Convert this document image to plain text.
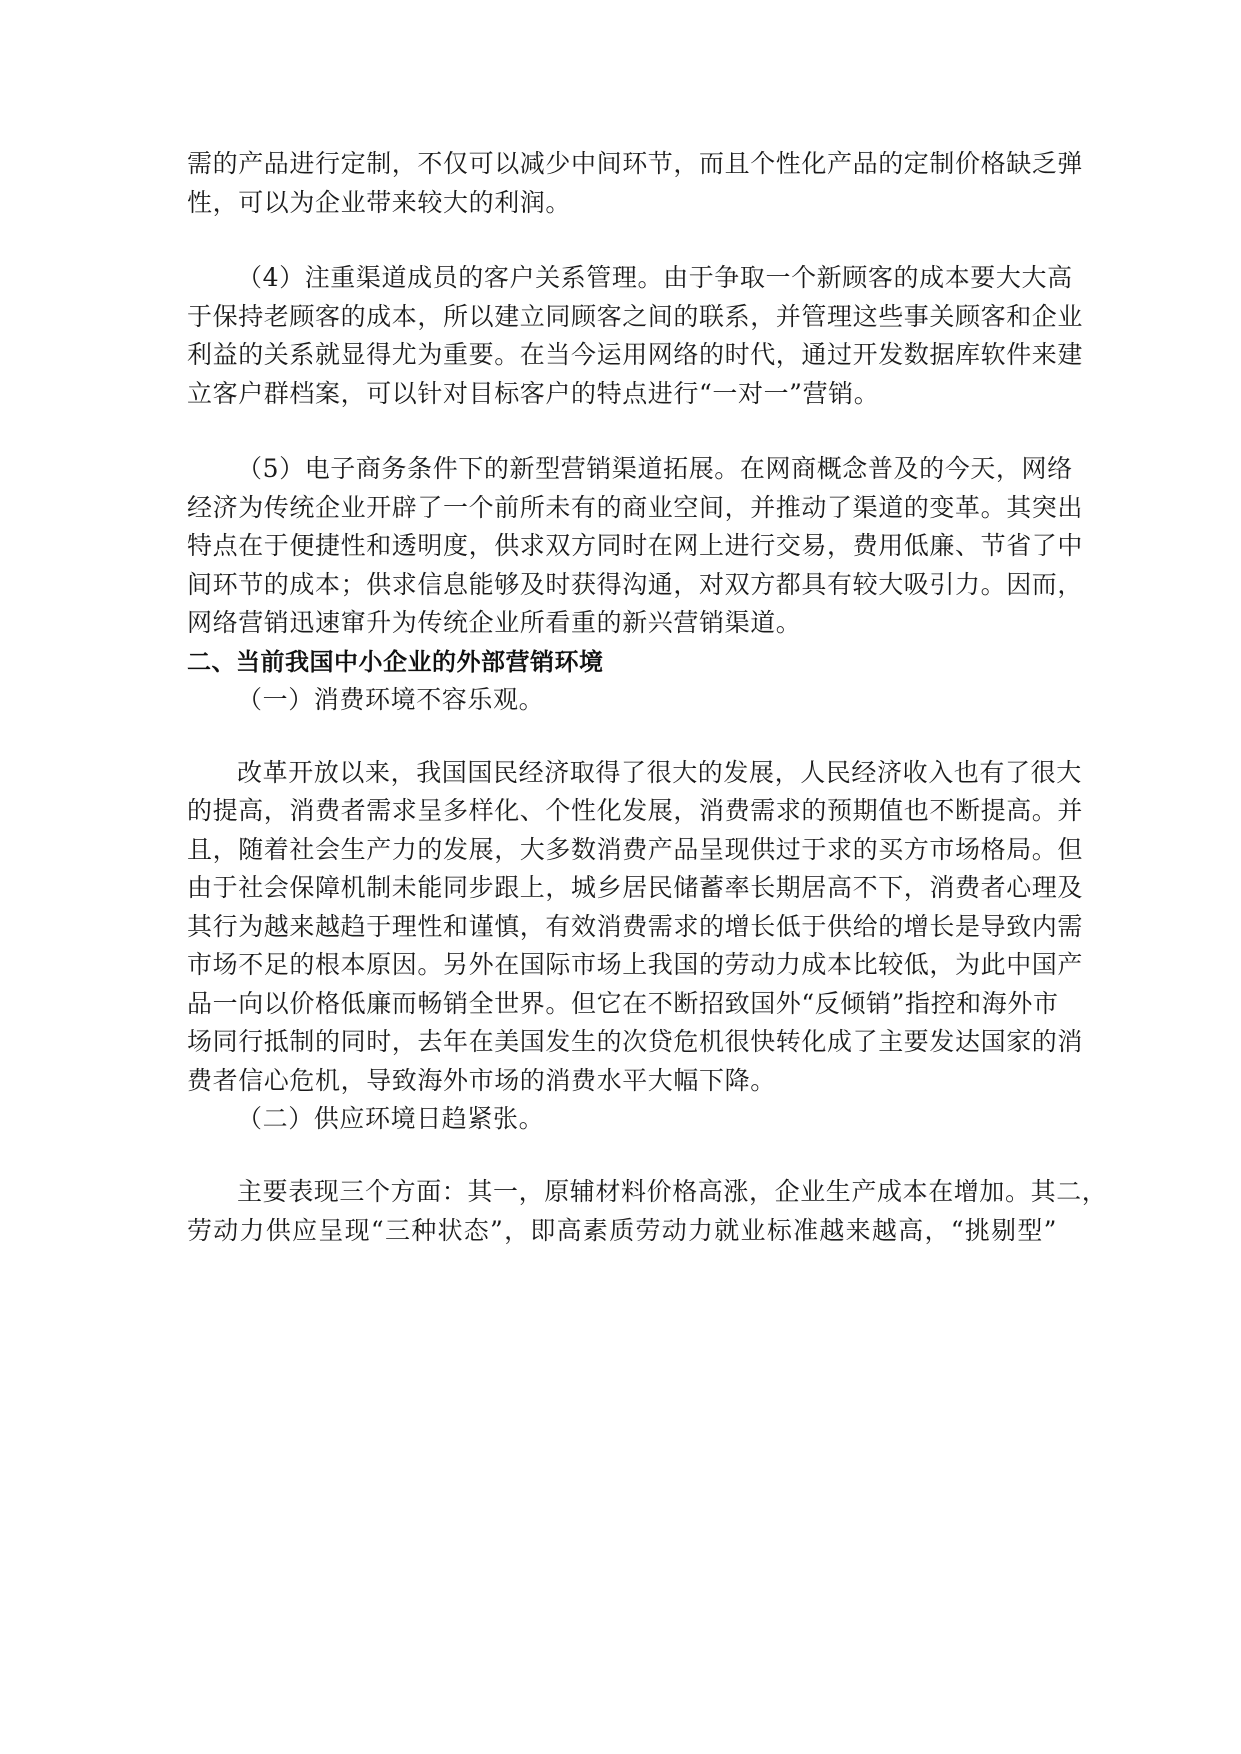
需的产品进行定制，不仅可以减少中间环节，而且个性化产品的定制价格缺乏弹
性，可以为企业带来较大的利润。

（4）注重渠道成员的客户关系管理。由于争取一个新顾客的成本要大大高
于保持老顾客的成本，所以建立同顾客之间的联系，并管理这些事关顾客和企业
利益的关系就显得尤为重要。在当今运用网络的时代，通过开发数据库软件来建
立客户群档案，可以针对目标客户的特点进行“一对一”营销。

（5）电子商务条件下的新型营销渠道拓展。在网商概念普及的今天，网络
经济为传统企业开辟了一个前所未有的商业空间，并推动了渠道的变革。其突出
特点在于便捷性和透明度，供求双方同时在网上进行交易，费用低廉、节省了中
间环节的成本；供求信息能够及时获得沟通，对双方都具有较大吸引力。因而，
网络营销迅速窜升为传统企业所看重的新兴营销渠道。

二、当前我国中小企业的外部营销环境

（一）消费环境不容乐观。

改革开放以来，我国国民经济取得了很大的发展，人民经济收入也有了很大
的提高，消费者需求呈多样化、个性化发展，消费需求的预期值也不断提高。并
且，随着社会生产力的发展，大多数消费产品呈现供过于求的买方市场格局。但
由于社会保障机制未能同步跟上，城乡居民储蓄率长期居高不下，消费者心理及
其行为越来越趋于理性和谨慎，有效消费需求的增长低于供给的增长是导致内需
市场不足的根本原因。另外在国际市场上我国的劳动力成本比较低，为此中国产
品一向以价格低廉而畅销全世界。但它在不断招致国外“反倾销”指控和海外市
场同行抵制的同时，去年在美国发生的次贷危机很快转化成了主要发达国家的消
费者信心危机，导致海外市场的消费水平大幅下降。

（二）供应环境日趋紧张。

主要表现三个方面：其一，原辅材料价格高涨，企业生产成本在增加。其二，
劳动力供应呈现“三种状态”，即高素质劳动力就业标准越来越高，“挑剔型”
